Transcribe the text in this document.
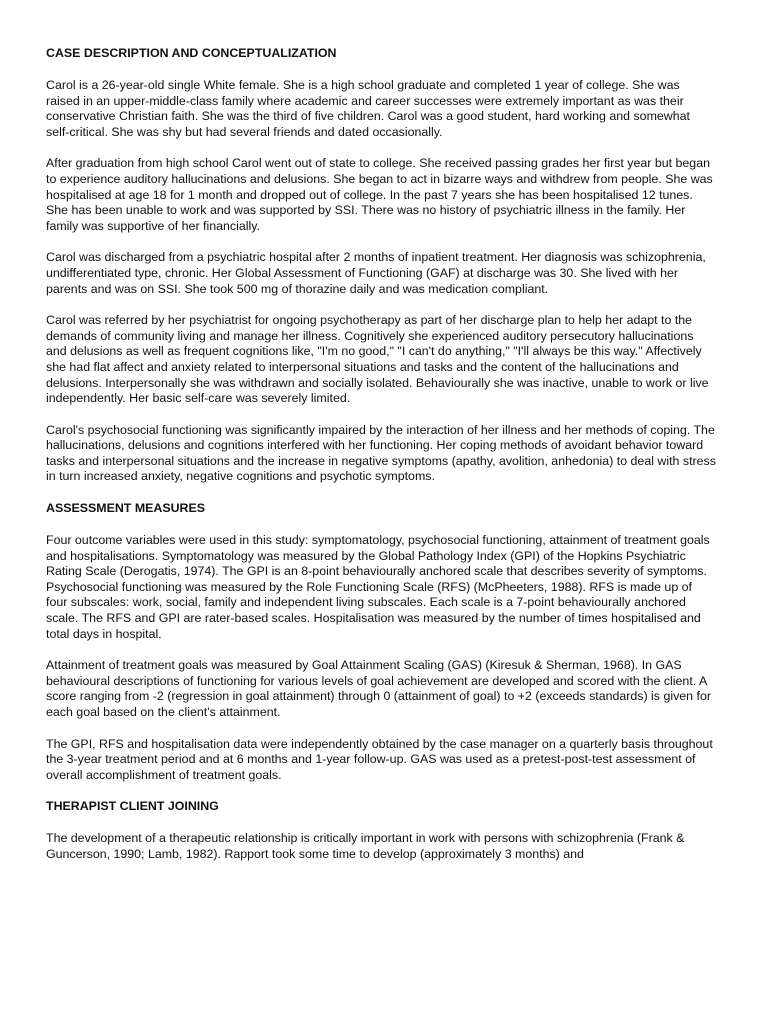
CASE DESCRIPTION AND CONCEPTUALIZATION

Carol is a 26-year-old single White female. She is a high school graduate and completed 1 year of college. She was raised in an upper-middle-class family where academic and career successes were extremely important as was their conservative Christian faith. She was the third of five children. Carol was a good student, hard working and somewhat self-critical. She was shy but had several friends and dated occasionally.

After graduation from high school Carol went out of state to college. She received passing grades her first year but began to experience auditory hallucinations and delusions. She began to act in bizarre ways and withdrew from people. She was hospitalised at age 18 for 1 month and dropped out of college. In the past 7 years she has been hospitalised 12 tunes. She has been unable to work and was supported by SSI. There was no history of psychiatric illness in the family. Her family was supportive of her financially.

Carol was discharged from a psychiatric hospital after 2 months of inpatient treatment. Her diagnosis was schizophrenia, undifferentiated type, chronic. Her Global Assessment of Functioning (GAF) at discharge was 30. She lived with her parents and was on SSI. She took 500 mg of thorazine daily and was medication compliant.

Carol was referred by her psychiatrist for ongoing psychotherapy as part of her discharge plan to help her adapt to the demands of community living and manage her illness. Cognitively she experienced auditory persecutory hallucinations and delusions as well as frequent cognitions like, "I'm no good," "I can't do anything," "I'll always be this way." Affectively she had flat affect and anxiety related to interpersonal situations and tasks and the content of the hallucinations and delusions. Interpersonally she was withdrawn and socially isolated. Behaviourally she was inactive, unable to work or live independently. Her basic self-care was severely limited.

Carol's psychosocial functioning was significantly impaired by the interaction of her illness and her methods of coping. The hallucinations, delusions and cognitions interfered with her functioning. Her coping methods of avoidant behavior toward tasks and interpersonal situations and the increase in negative symptoms (apathy, avolition, anhedonia) to deal with stress in turn increased anxiety, negative cognitions and psychotic symptoms.

ASSESSMENT MEASURES

Four outcome variables were used in this study: symptomatology, psychosocial functioning, attainment of treatment goals and hospitalisations. Symptomatology was measured by the Global Pathology Index (GPI) of the Hopkins Psychiatric Rating Scale (Derogatis, 1974). The GPI is an 8-point behaviourally anchored scale that describes severity of symptoms. Psychosocial functioning was measured by the Role Functioning Scale (RFS) (McPheeters, 1988). RFS is made up of four subscales: work, social, family and independent living subscales. Each scale is a 7-point behaviourally anchored scale. The RFS and GPI are rater-based scales. Hospitalisation was measured by the number of times hospitalised and total days in hospital.

Attainment of treatment goals was measured by Goal Attainment Scaling (GAS) (Kiresuk & Sherman, 1968). In GAS behavioural descriptions of functioning for various levels of goal achievement are developed and scored with the client. A score ranging from -2 (regression in goal attainment) through 0 (attainment of goal) to +2 (exceeds standards) is given for each goal based on the client's attainment.

The GPI, RFS and hospitalisation data were independently obtained by the case manager on a quarterly basis throughout the 3-year treatment period and at 6 months and 1-year follow-up. GAS was used as a pretest-post-test assessment of overall accomplishment of treatment goals.

THERAPIST CLIENT JOINING

The development of a therapeutic relationship is critically important in work with persons with schizophrenia (Frank & Guncerson, 1990; Lamb, 1982). Rapport took some time to develop (approximately 3 months) and
